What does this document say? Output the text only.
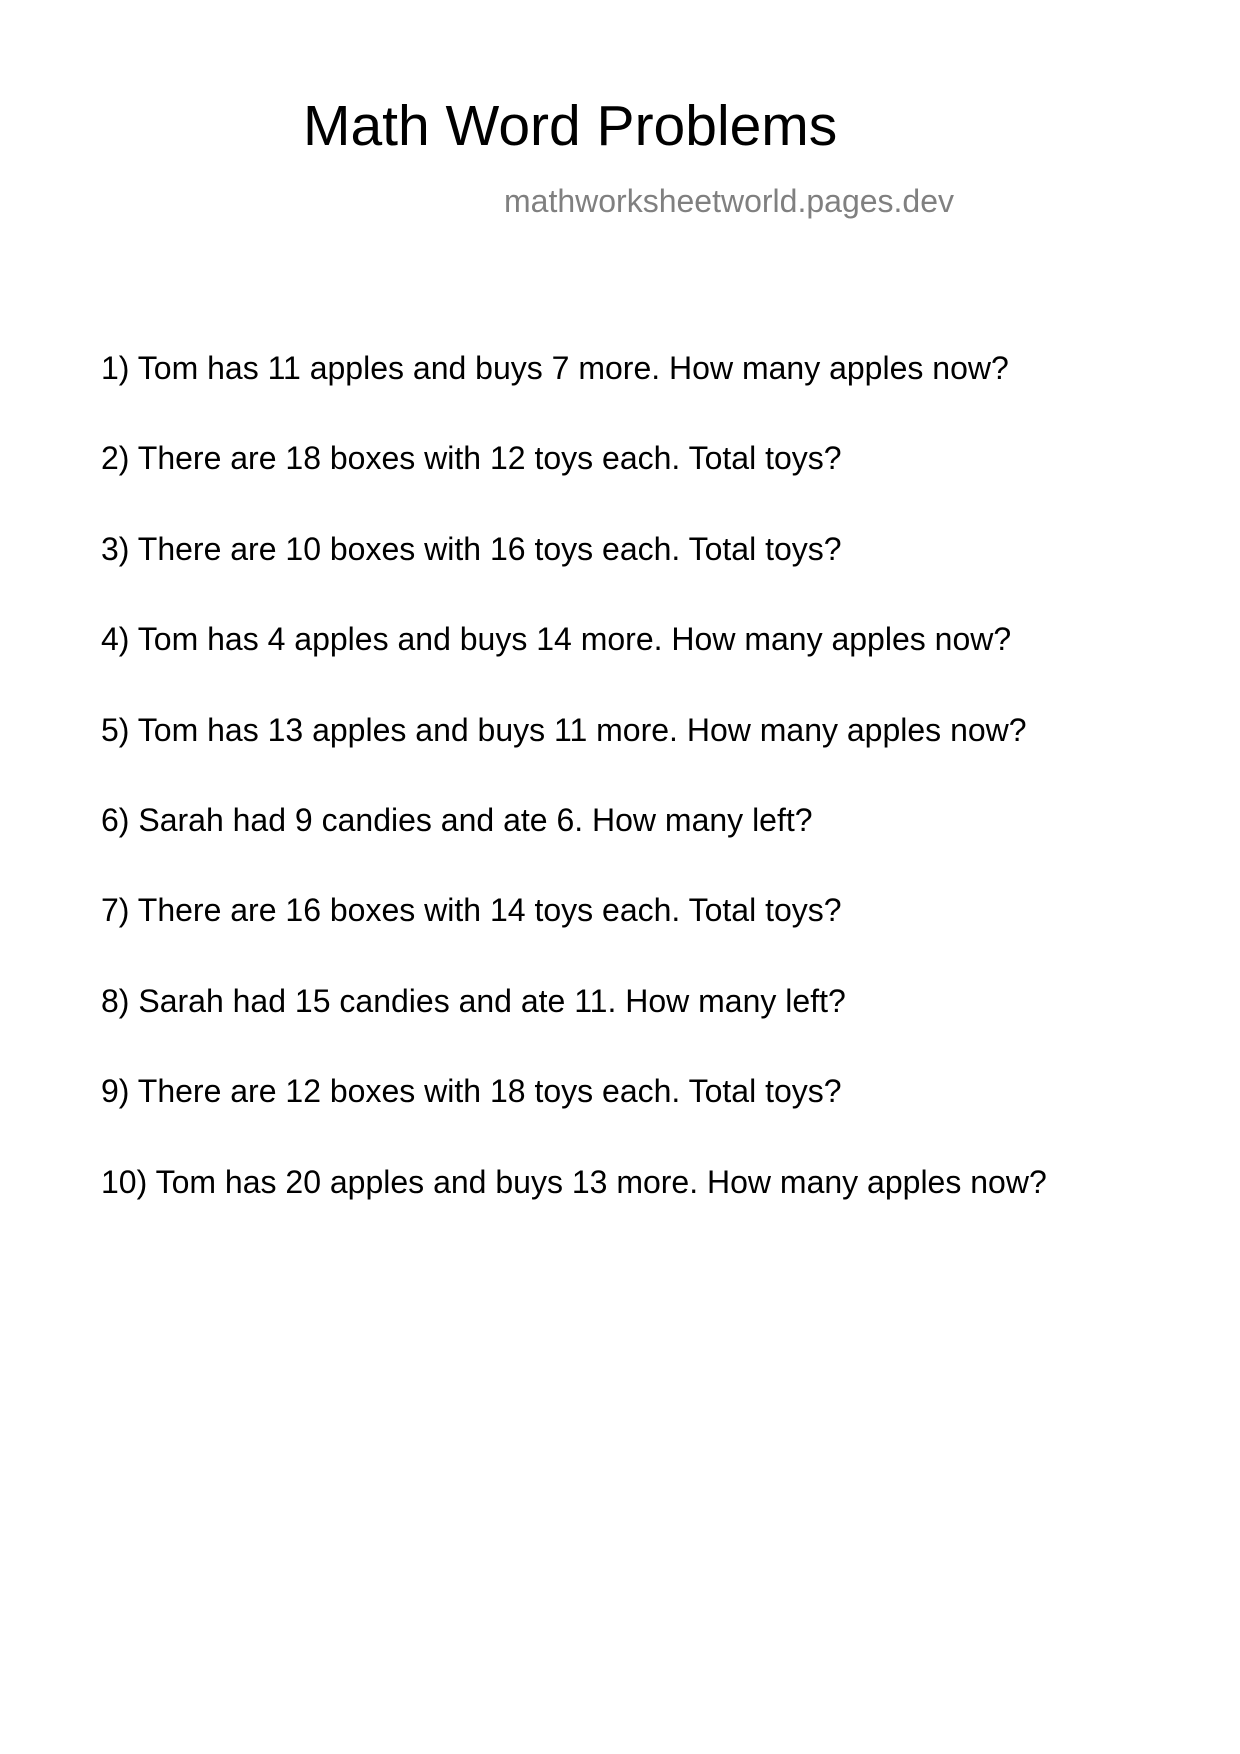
Math Word Problems
mathworksheetworld.pages.dev
1) Tom has 11 apples and buys 7 more. How many apples now?
2) There are 18 boxes with 12 toys each. Total toys?
3) There are 10 boxes with 16 toys each. Total toys?
4) Tom has 4 apples and buys 14 more. How many apples now?
5) Tom has 13 apples and buys 11 more. How many apples now?
6) Sarah had 9 candies and ate 6. How many left?
7) There are 16 boxes with 14 toys each. Total toys?
8) Sarah had 15 candies and ate 11. How many left?
9) There are 12 boxes with 18 toys each. Total toys?
10) Tom has 20 apples and buys 13 more. How many apples now?
